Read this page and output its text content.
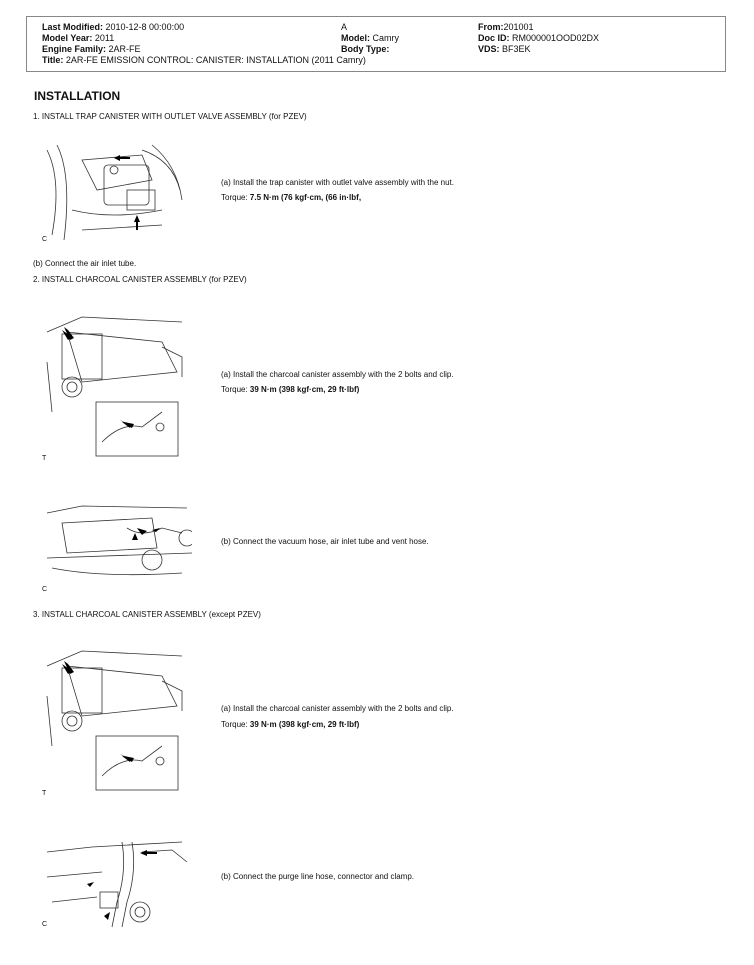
Last Modified: 2010-12-8 00:00:00
Model Year: 2011
Engine Family: 2AR-FE
Title: 2AR-FE EMISSION CONTROL: CANISTER: INSTALLATION (2011 Camry)
A
Model: Camry
Body Type:
From:201001
Doc ID: RM000001OOD02DX
VDS: BF3EK
INSTALLATION
1. INSTALL TRAP CANISTER WITH OUTLET VALVE ASSEMBLY (for PZEV)
C
(a) Install the trap canister with outlet valve assembly with the nut.
Torque: 7.5 N·m (76 kgf·cm, (66 in·lbf,
(b) Connect the air inlet tube.
2. INSTALL CHARCOAL CANISTER ASSEMBLY (for PZEV)
T
(a) Install the charcoal canister assembly with the 2 bolts and clip.
Torque: 39 N·m (398 kgf·cm, 29 ft·lbf)
C
(b) Connect the vacuum hose, air inlet tube and vent hose.
3. INSTALL CHARCOAL CANISTER ASSEMBLY (except PZEV)
T
(a) Install the charcoal canister assembly with the 2 bolts and clip.
Torque: 39 N·m (398 kgf·cm, 29 ft·lbf)
C
(b) Connect the purge line hose, connector and clamp.
